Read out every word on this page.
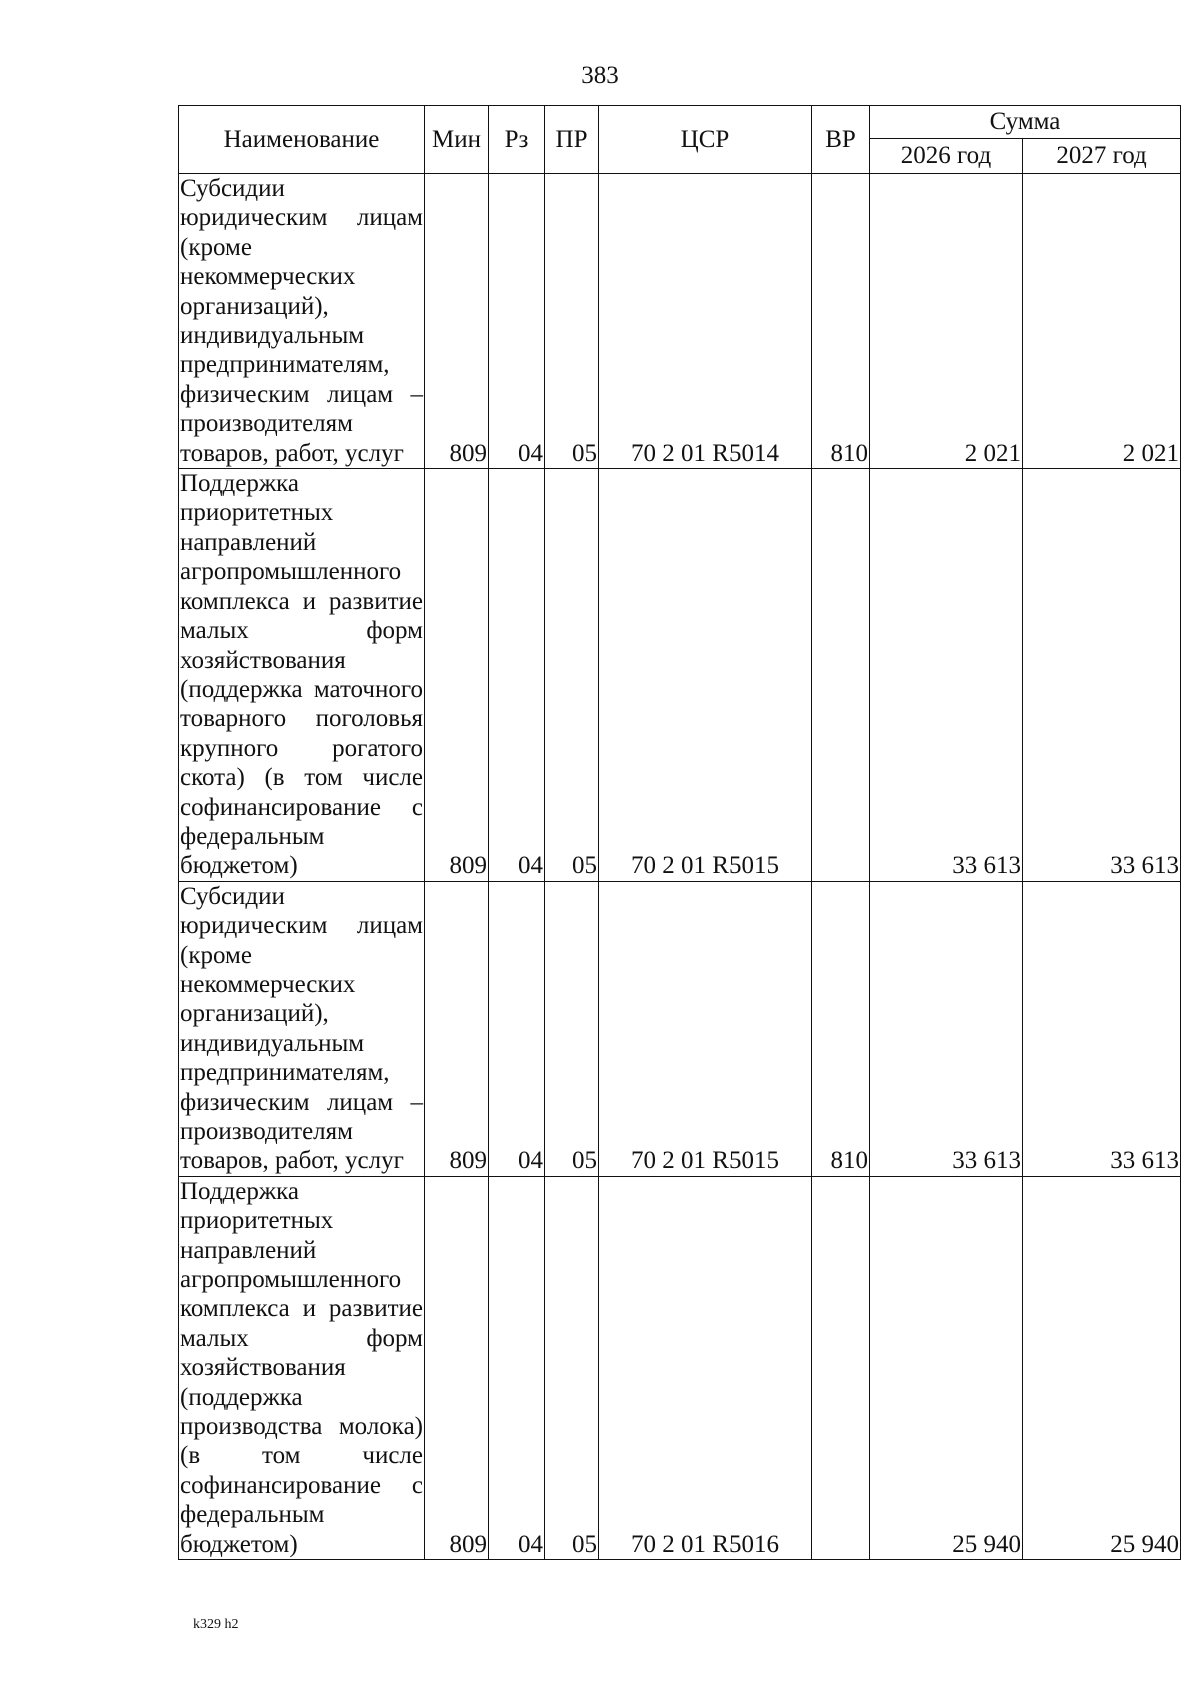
383
Наименование	Мин	Рз	ПР	ЦСР	ВР	Сумма	
						2026 год	2027 год
Субсидии юридическим лицам (кроме некоммерческих организаций), индивидуальным предпринимателям, физическим лицам – производителям товаров, работ, услуг	809	04	05	70 2 01 R5014	810	2 021	2 021
Поддержка приоритетных направлений агропромышленного комплекса и развитие малых форм хозяйствования (поддержка маточного товарного поголовья крупного рогатого скота) (в том числе софинансирование с федеральным бюджетом)	809	04	05	70 2 01 R5015		33 613	33 613
Субсидии юридическим лицам (кроме некоммерческих организаций), индивидуальным предпринимателям, физическим лицам – производителям товаров, работ, услуг	809	04	05	70 2 01 R5015	810	33 613	33 613
Поддержка приоритетных направлений агропромышленного комплекса и развитие малых форм хозяйствования (поддержка производства молока) (в том числе софинансирование с федеральным бюджетом)	809	04	05	70 2 01 R5016		25 940	25 940
k329 h2
